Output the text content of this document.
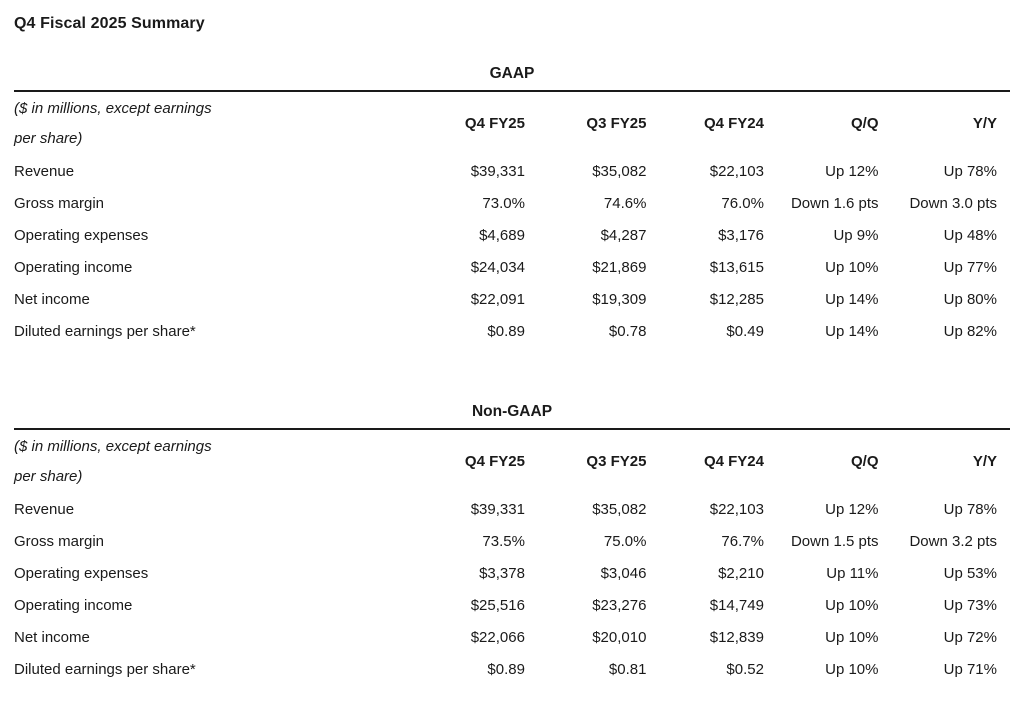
Q4 Fiscal 2025 Summary
GAAP
($ in millions, except earnings
per share)	Q4 FY25	Q3 FY25	Q4 FY24	Q/Q	Y/Y
Revenue	$39,331	$35,082	$22,103	Up 12%	Up 78%
Gross margin	73.0%	74.6%	76.0%	Down 1.6 pts	Down 3.0 pts
Operating expenses	$4,689	$4,287	$3,176	Up 9%	Up 48%
Operating income	$24,034	$21,869	$13,615	Up 10%	Up 77%
Net income	$22,091	$19,309	$12,285	Up 14%	Up 80%
Diluted earnings per share*	$0.89	$0.78	$0.49	Up 14%	Up 82%
Non-GAAP
($ in millions, except earnings
per share)	Q4 FY25	Q3 FY25	Q4 FY24	Q/Q	Y/Y
Revenue	$39,331	$35,082	$22,103	Up 12%	Up 78%
Gross margin	73.5%	75.0%	76.7%	Down 1.5 pts	Down 3.2 pts
Operating expenses	$3,378	$3,046	$2,210	Up 11%	Up 53%
Operating income	$25,516	$23,276	$14,749	Up 10%	Up 73%
Net income	$22,066	$20,010	$12,839	Up 10%	Up 72%
Diluted earnings per share*	$0.89	$0.81	$0.52	Up 10%	Up 71%
